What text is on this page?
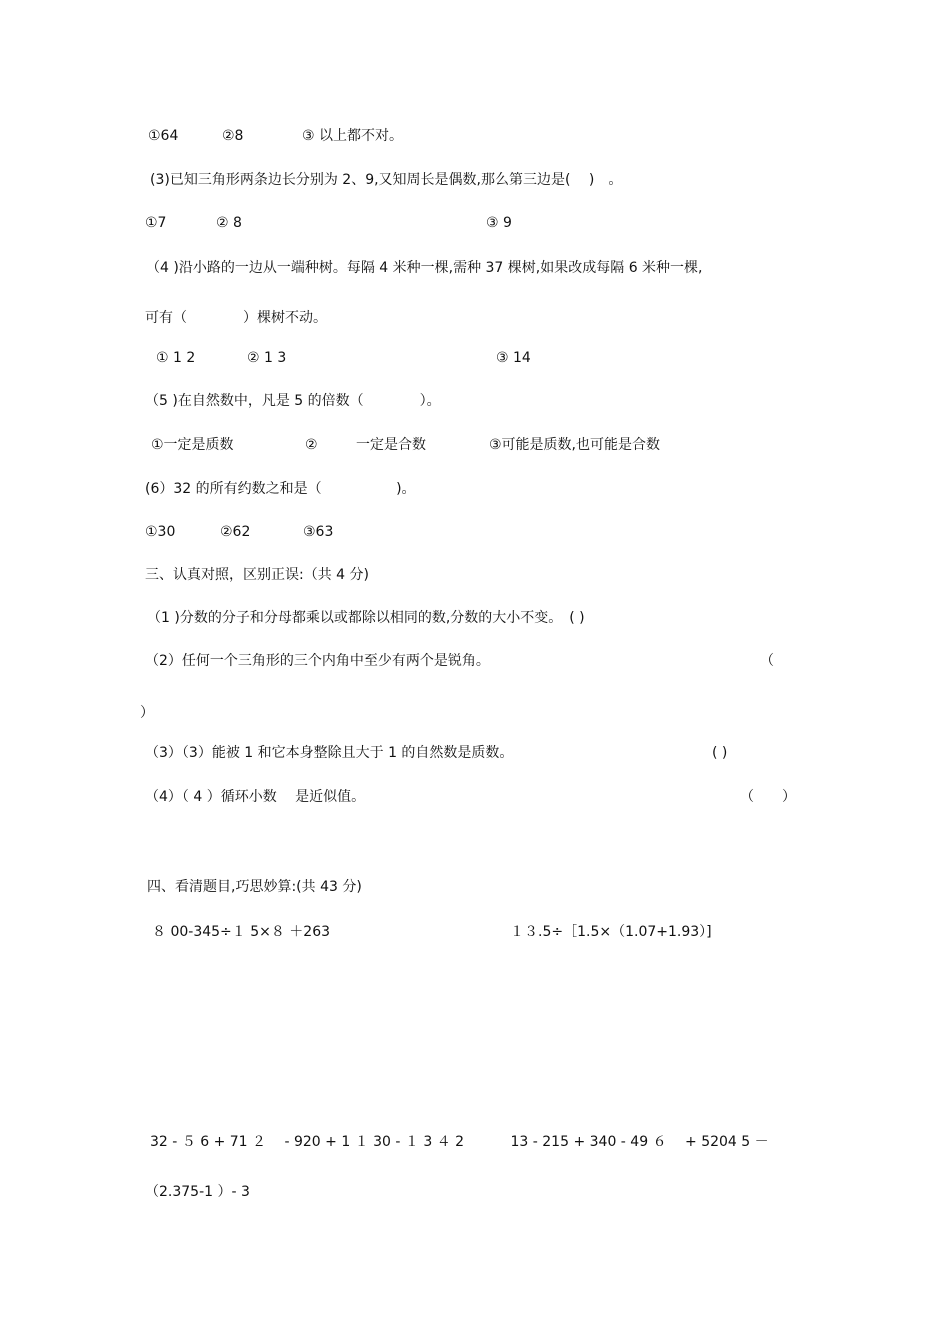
①64	②8	③ 以上都不对。
(3)已知三角形两条边长分别为 2、9,又知周长是偶数,那么第三边是(　 )　。
①7	② 8	③ 9
（4 )沿小路的一边从一端种树。每隔 4 米种一棵,需种 37 棵树,如果改成每隔 6 米种一棵,
可有（　　　　）棵树不动。
① 1 2	② 1 3	③ 14
（5 )在自然数中，凡是 5 的倍数（　　　　）。
①一定是质数	②	一定是合数	③可能是质数,也可能是合数
(6）32 的所有约数之和是（　　　　　 )。
①30	②62	③63
三、认真对照，区别正误:（共 4 分)
（1 )分数的分子和分母都乘以或都除以相同的数,分数的大小不变。　( )
（2）任何一个三角形的三个内角中至少有两个是锐角。	（
）
（3）（3）能被 1 和它本身整除且大于 1 的自然数是质数。	( )
（4）（ 4 ）循环小数　 是近似值。	（　　）
四、看清题目,巧思妙算:(共 43 分)
８ 00-345÷１ 5×８ ＋263	１３.5÷［1.5×（1.07+1.93）]
32 - ５ 6 + 71 ２　 - 920 + 1 １ 30 - １ 3 ４ 2　　　 13 - 215 + 340 - 49 ６　 + 5204 5 －
（2.375-1 ）- 3
